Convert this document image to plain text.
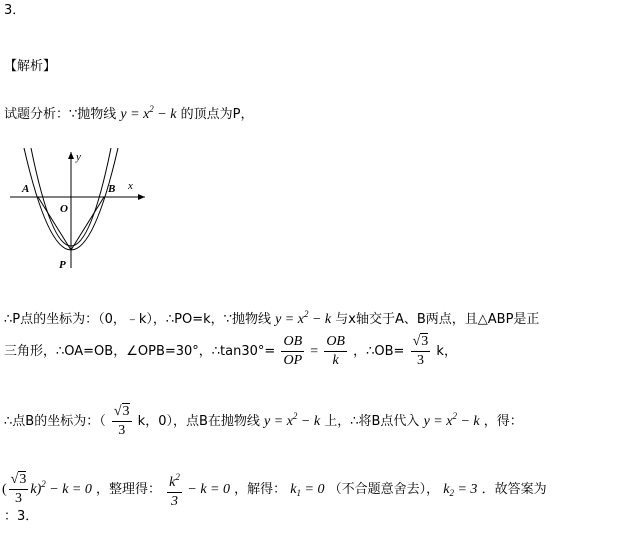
3．
【解析】
试题分析：∵抛物线 $y = x^2 - k$ 的顶点为P，
y
x
A	B
O
P
∴P点的坐标为：（0，﹣k），∴PO=k，∵抛物线 $y = x^2 - k$ 与x轴交于A、B两点，且△ABP是正
三角形，∴OA=OB，∠OPB=30°，∴tan30°= $\frac{OB}{OP} = \frac{OB}{k}$ ，∴OB= $\frac{√3}{3}$ k，
∴点B的坐标为：（ $\frac{√3}{3}$ k，0），点B在抛物线 $y = x^2 - k$ 上，∴将B点代入 $y = x^2 - k$ ，得：
( $\frac{√3}{3} k)^2 - k = 0$ ，整理得： $\frac{k^2}{3} - k = 0$ ，解得： $k_1 = 0$ （不合题意舍去）， $k_2 = 3$ ．故答案为
：3．
